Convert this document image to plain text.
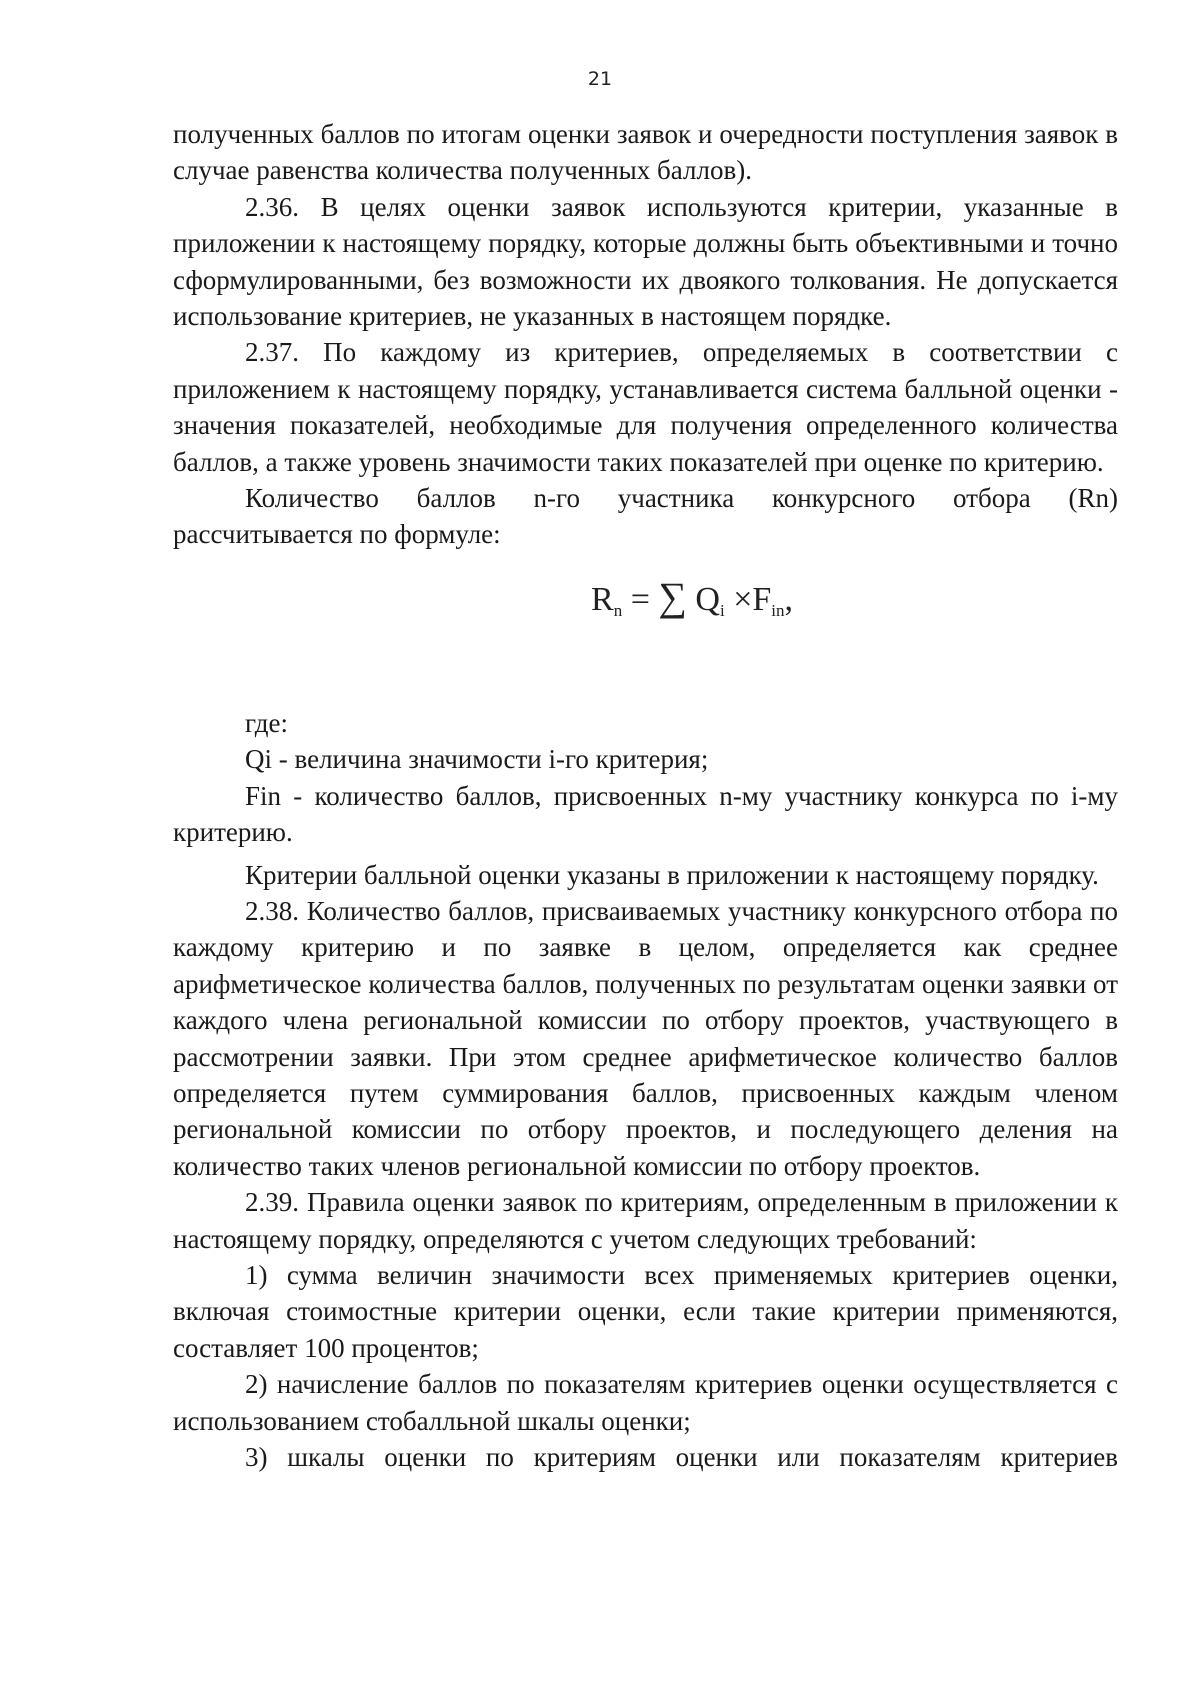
21

полученных баллов по итогам оценки заявок и очередности поступления заявок в случае равенства количества полученных баллов).

2.36. В целях оценки заявок используются критерии, указанные в приложении к настоящему порядку, которые должны быть объективными и точно сформулированными, без возможности их двоякого толкования. Не допускается использование критериев, не указанных в настоящем порядке.

2.37. По каждому из критериев, определяемых в соответствии с приложением к настоящему порядку, устанавливается система балльной оценки - значения показателей, необходимые для получения определенного количества баллов, а также уровень значимости таких показателей при оценке по критерию.

Количество баллов n-го участника конкурсного отбора (Rn) рассчитывается по формуле:

$R_n$ = ∑ $Q_i \times F_{in}$,

где:

Qi - величина значимости i-го критерия;

Fin - количество баллов, присвоенных n-му участнику конкурса по i-му критерию.

Критерии балльной оценки указаны в приложении к настоящему порядку.

2.38. Количество баллов, присваиваемых участнику конкурсного отбора по каждому критерию и по заявке в целом, определяется как среднее арифметическое количества баллов, полученных по результатам оценки заявки от каждого члена региональной комиссии по отбору проектов, участвующего в рассмотрении заявки. При этом среднее арифметическое количество баллов определяется путем суммирования баллов, присвоенных каждым членом региональной комиссии по отбору проектов, и последующего деления на количество таких членов региональной комиссии по отбору проектов.

2.39. Правила оценки заявок по критериям, определенным в приложении к настоящему порядку, определяются с учетом следующих требований:

1) сумма величин значимости всех применяемых критериев оценки, включая стоимостные критерии оценки, если такие критерии применяются, составляет 100 процентов;

2) начисление баллов по показателям критериев оценки осуществляется с использованием стобалльной шкалы оценки;

3) шкалы оценки по критериям оценки или показателям критериев
